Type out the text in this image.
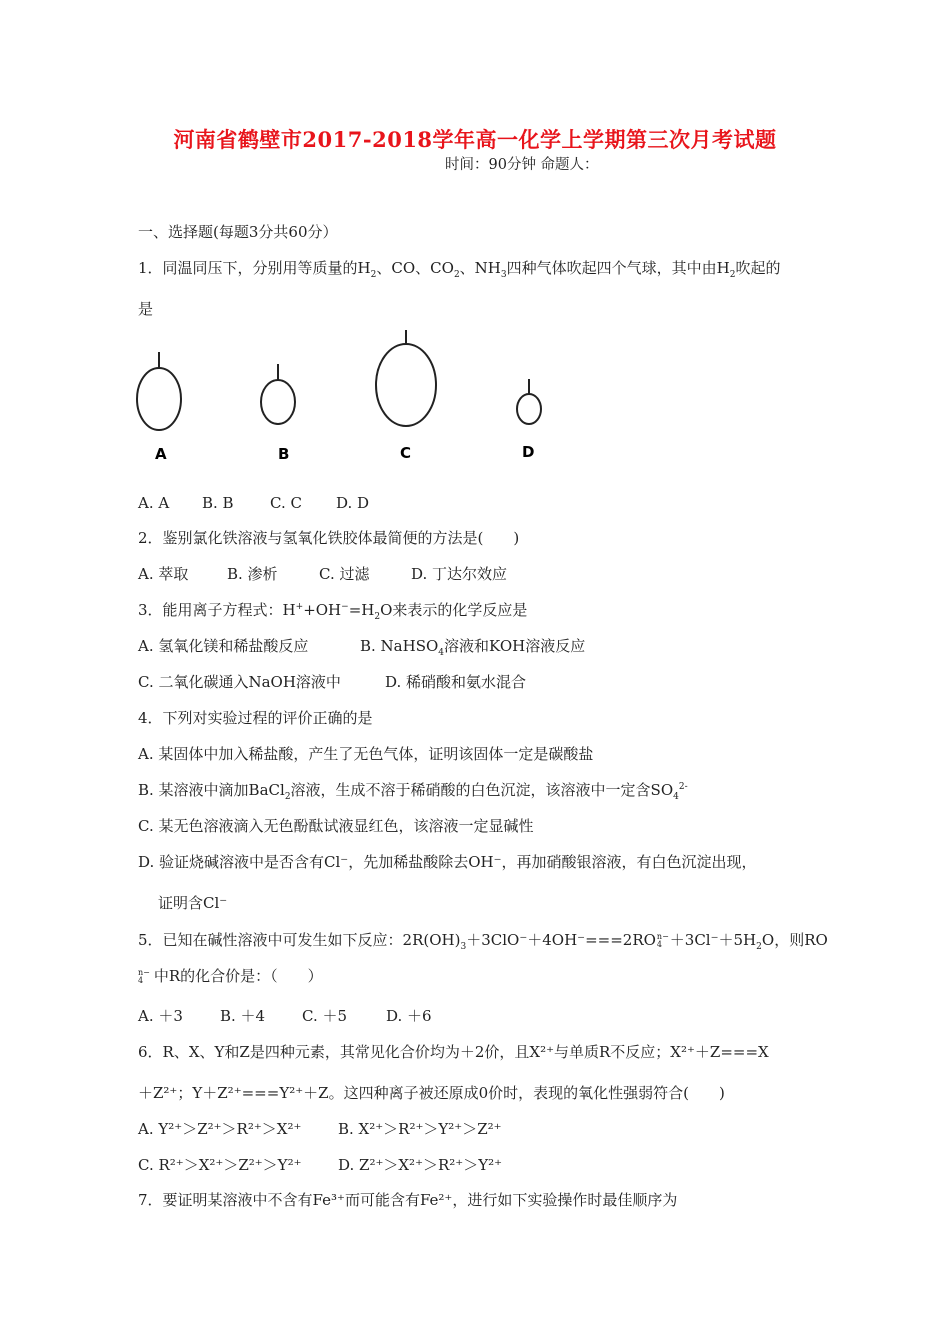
河南省鹤壁市2017-2018学年高一化学上学期第三次月考试题
时间：90分钟 命题人：
一、选择题(每题3分共60分）
1．同温同压下，分别用等质量的$H_2$、CO、$CO_2$、$NH_3$四种气体吹起四个气球，其中由$H_2$吹起的
是
A	B	C	D
A. A B. B C. C D. D
2．鉴别氯化铁溶液与氢氧化铁胶体最简便的方法是(　　)
A. 萃取	B. 渗析	C. 过滤	D. 丁达尔效应
3．能用离子方程式：$H^++OH^-=H_2O$来表示的化学反应是
A. 氢氧化镁和稀盐酸反应	B. NaHSO$_4$溶液和KOH溶液反应
C. 二氧化碳通入NaOH溶液中	D. 稀硝酸和氨水混合
4．下列对实验过程的评价正确的是
A. 某固体中加入稀盐酸，产生了无色气体，证明该固体一定是碳酸盐
B. 某溶液中滴加BaCl$_2$溶液，生成不溶于稀硝酸的白色沉淀，该溶液中一定含$SO_4^{2-}$
C. 某无色溶液滴入无色酚酞试液显红色，该溶液一定显碱性
D. 验证烧碱溶液中是否含有Cl⁻，先加稀盐酸除去OH⁻，再加硝酸银溶液，有白色沉淀出现，
证明含Cl⁻
5．已知在碱性溶液中可发生如下反应：$2R(OH)_3+3ClO^-+4OH^-===2ROn-$
$4 +3Cl^-+5H_2O$，则RO
n−
4 中R的化合价是：（　　）
A. ＋3 B. ＋4 C. ＋5	D. ＋6
6．R、X、Y和Z是四种元素，其常见化合价均为＋2价，且X²⁺与单质R不反应；X²⁺＋Z===X
＋Z²⁺；Y＋Z²⁺===Y²⁺＋Z。这四种离子被还原成0价时，表现的氧化性强弱符合(　　)
A. Y²⁺＞Z²⁺＞R²⁺＞X²⁺ B. X²⁺＞R²⁺＞Y²⁺＞Z²⁺
C. R²⁺＞X²⁺＞Z²⁺＞Y²⁺ D. Z²⁺＞X²⁺＞R²⁺＞Y²⁺
7．要证明某溶液中不含有Fe³⁺而可能含有Fe²⁺，进行如下实验操作时最佳顺序为
